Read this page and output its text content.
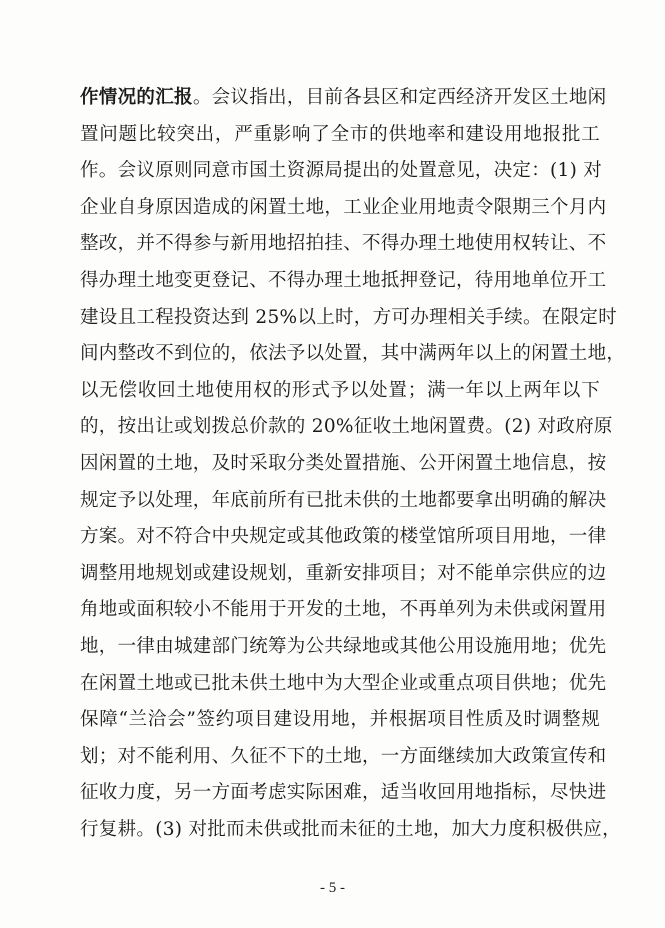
作情况的汇报。会议指出，目前各县区和定西经济开发区土地闲
置问题比较突出，严重影响了全市的供地率和建设用地报批工
作。会议原则同意市国土资源局提出的处置意见，决定：(1) 对
企业自身原因造成的闲置土地，工业企业用地责令限期三个月内
整改，并不得参与新用地招拍挂、不得办理土地使用权转让、不
得办理土地变更登记、不得办理土地抵押登记，待用地单位开工
建设且工程投资达到 25%以上时，方可办理相关手续。在限定时
间内整改不到位的，依法予以处置，其中满两年以上的闲置土地，
以无偿收回土地使用权的形式予以处置；满一年以上两年以下
的，按出让或划拨总价款的 20%征收土地闲置费。(2) 对政府原
因闲置的土地，及时采取分类处置措施、公开闲置土地信息，按
规定予以处理，年底前所有已批未供的土地都要拿出明确的解决
方案。对不符合中央规定或其他政策的楼堂馆所项目用地，一律
调整用地规划或建设规划，重新安排项目；对不能单宗供应的边
角地或面积较小不能用于开发的土地，不再单列为未供或闲置用
地，一律由城建部门统筹为公共绿地或其他公用设施用地；优先
在闲置土地或已批未供土地中为大型企业或重点项目供地；优先
保障“兰洽会”签约项目建设用地，并根据项目性质及时调整规
划；对不能利用、久征不下的土地，一方面继续加大政策宣传和
征收力度，另一方面考虑实际困难，适当收回用地指标，尽快进
行复耕。(3) 对批而未供或批而未征的土地，加大力度积极供应，
- 5 -
